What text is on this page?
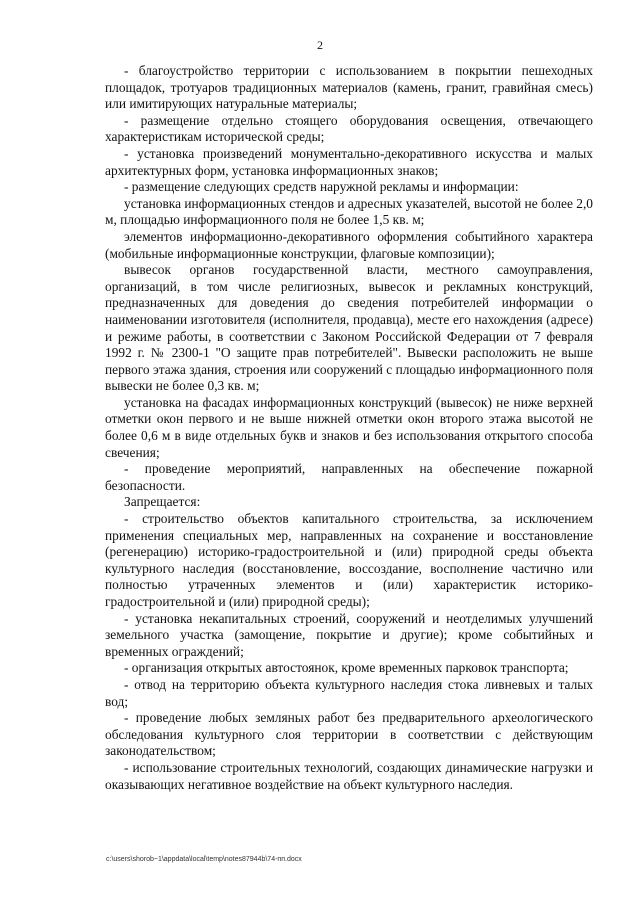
2

- благоустройство территории с использованием в покрытии пешеходных площадок, тротуаров традиционных материалов (камень, гранит, гравийная смесь) или имитирующих натуральные материалы;

- размещение отдельно стоящего оборудования освещения, отвечающего характеристикам исторической среды;

- установка произведений монументально-декоративного искусства и малых архитектурных форм, установка информационных знаков;

- размещение следующих средств наружной рекламы и информации:

установка информационных стендов и адресных указателей, высотой не более 2,0 м, площадью информационного поля не более 1,5 кв. м;

элементов информационно-декоративного оформления событийного характера (мобильные информационные конструкции, флаговые композиции);

вывесок органов государственной власти, местного самоуправления, организаций, в том числе религиозных, вывесок и рекламных конструкций, предназначенных для доведения до сведения потребителей информации о наименовании изготовителя (исполнителя, продавца), месте его нахождения (адресе) и режиме работы, в соответствии с Законом Российской Федерации от 7 февраля 1992 г. № 2300-1 "О защите прав потребителей". Вывески расположить не выше первого этажа здания, строения или сооружений с площадью информационного поля вывески не более 0,3 кв. м;

установка на фасадах информационных конструкций (вывесок) не ниже верхней отметки окон первого и не выше нижней отметки окон второго этажа высотой не более 0,6 м в виде отдельных букв и знаков и без использования открытого способа свечения;

- проведение мероприятий, направленных на обеспечение пожарной безопасности.

Запрещается:

- строительство объектов капитального строительства, за исключением применения специальных мер, направленных на сохранение и восстановление (регенерацию) историко-градостроительной и (или) природной среды объекта культурного наследия (восстановление, воссоздание, восполнение частично или полностью утраченных элементов и (или) характеристик историко-градостроительной и (или) природной среды);

- установка некапитальных строений, сооружений и неотделимых улучшений земельного участка (замощение, покрытие и другие); кроме событийных и временных ограждений;

- организация открытых автостоянок, кроме временных парковок транспорта;

- отвод на территорию объекта культурного наследия стока ливневых и талых вод;

- проведение любых земляных работ без предварительного археологического обследования культурного слоя территории в соответствии с действующим законодательством;

- использование строительных технологий, создающих динамические нагрузки и оказывающих негативное воздействие на объект культурного наследия.

c:\users\shorob~1\appdata\local\temp\notes87944b\74-пп.docx
